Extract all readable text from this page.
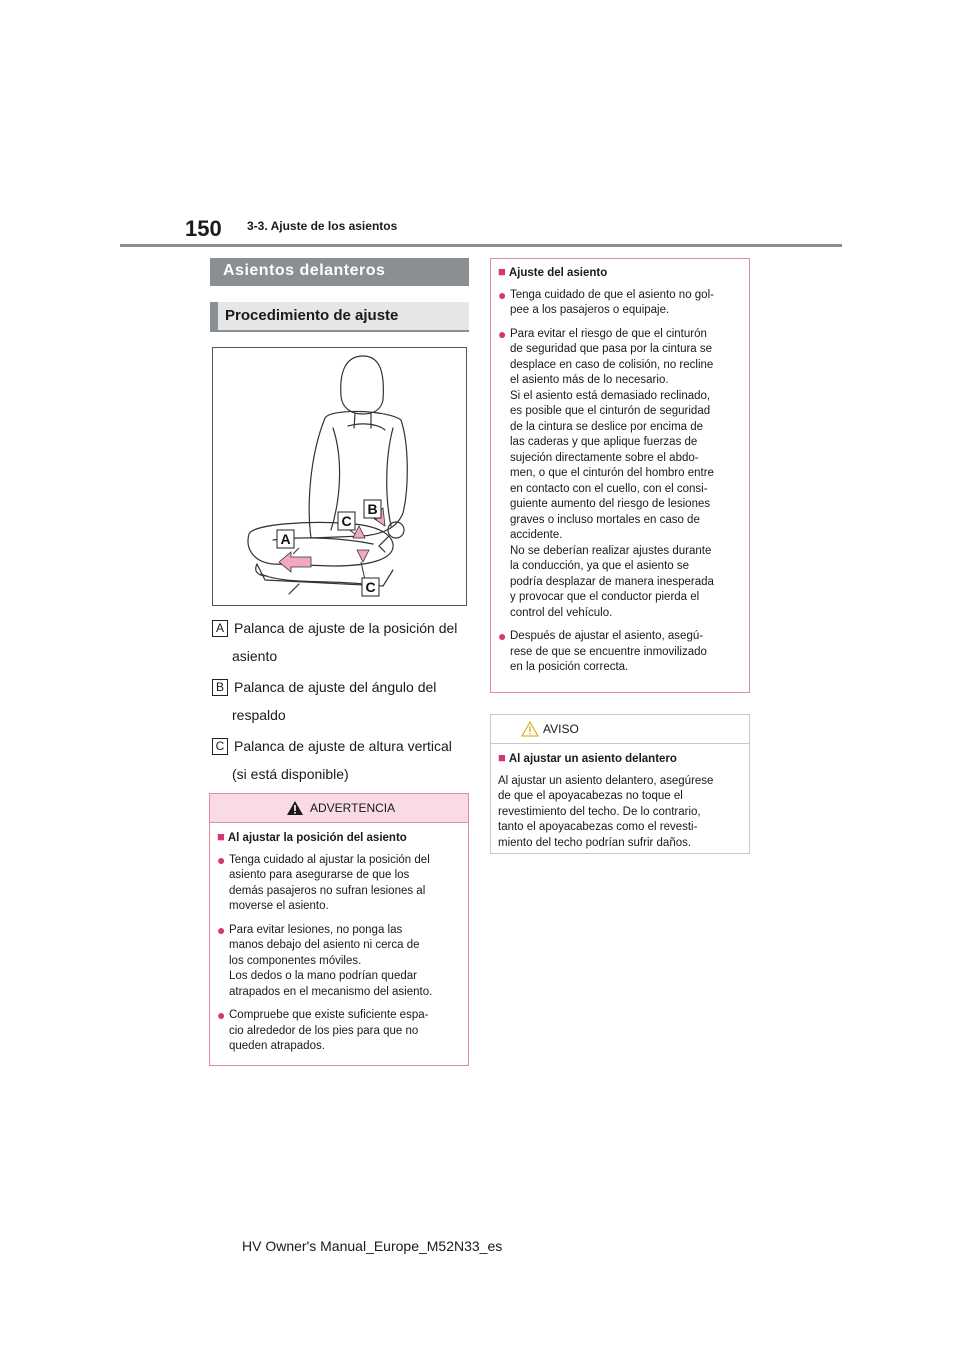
150 3-3. Ajuste de los asientos
Asientos delanteros
Procedimiento de ajuste
A
B
C
C
A Palanca de ajuste de la posición del
asiento
B Palanca de ajuste del ángulo del
respaldo
C Palanca de ajuste de altura vertical
(si está disponible)
ADVERTENCIA

■ Al ajustar la posición del asiento

● Tenga cuidado al ajustar la posición del
asiento para asegurarse de que los
demás pasajeros no sufran lesiones al
moverse el asiento.

● Para evitar lesiones, no ponga las
manos debajo del asiento ni cerca de
los componentes móviles.
Los dedos o la mano podrían quedar
atrapados en el mecanismo del asiento.

● Compruebe que existe suficiente espa-
cio alrededor de los pies para que no
queden atrapados.

■ Ajuste del asiento

● Tenga cuidado de que el asiento no gol-
pee a los pasajeros o equipaje.

● Para evitar el riesgo de que el cinturón
de seguridad que pasa por la cintura se
desplace en caso de colisión, no recline
el asiento más de lo necesario.
Si el asiento está demasiado reclinado,
es posible que el cinturón de seguridad
de la cintura se deslice por encima de
las caderas y que aplique fuerzas de
sujeción directamente sobre el abdo-
men, o que el cinturón del hombro entre
en contacto con el cuello, con el consi-
guiente aumento del riesgo de lesiones
graves o incluso mortales en caso de
accidente.
No se deberían realizar ajustes durante
la conducción, ya que el asiento se
podría desplazar de manera inesperada
y provocar que el conductor pierda el
control del vehículo.

● Después de ajustar el asiento, asegú-
rese de que se encuentre inmovilizado
en la posición correcta.

AVISO

■ Al ajustar un asiento delantero

Al ajustar un asiento delantero, asegúrese
de que el apoyacabezas no toque el
revestimiento del techo. De lo contrario,
tanto el apoyacabezas como el revesti-
miento del techo podrían sufrir daños.

HV Owner's Manual_Europe_M52N33_es
